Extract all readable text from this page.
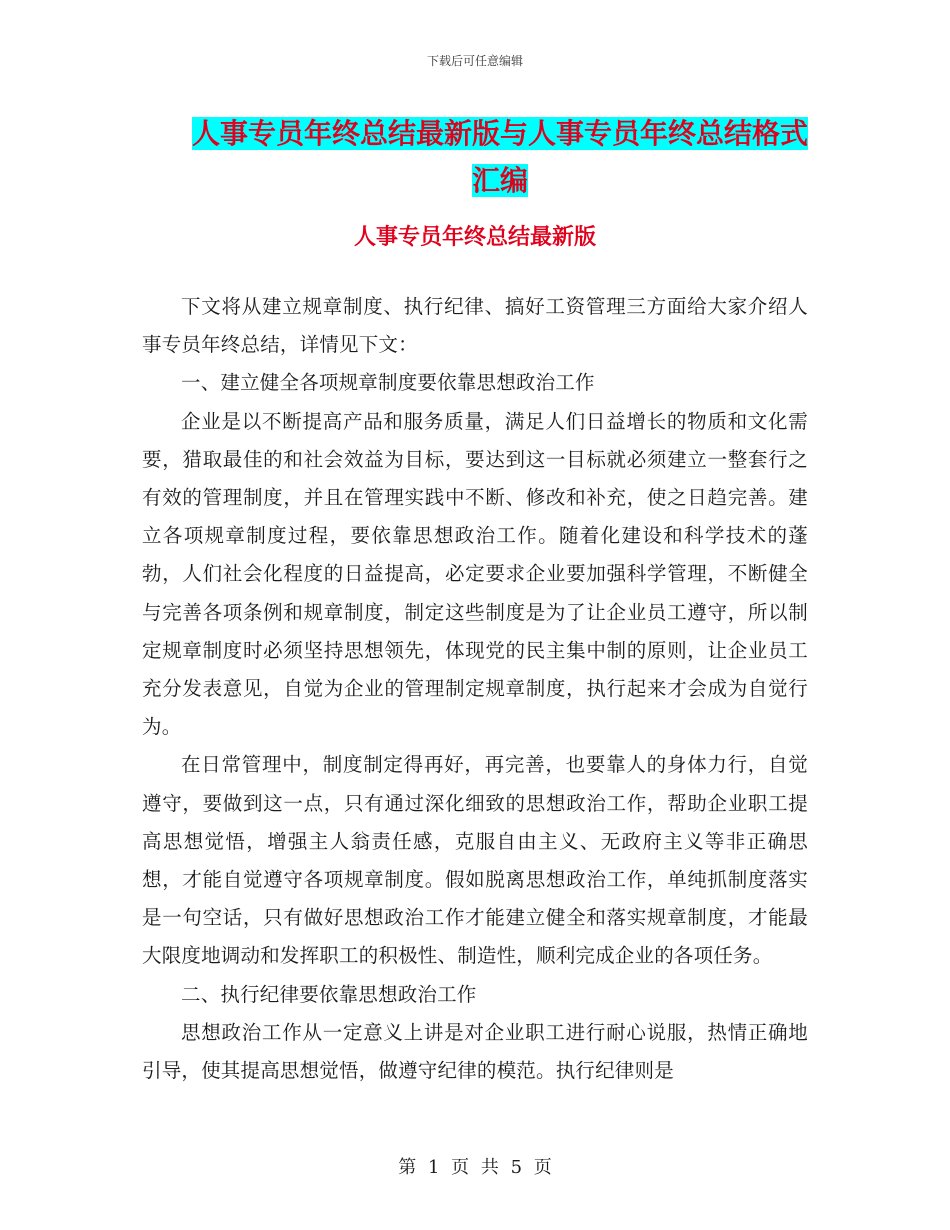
下载后可任意编辑
人事专员年终总结最新版与人事专员年终总结格式汇编
人事专员年终总结最新版

下文将从建立规章制度、执行纪律、搞好工资管理三方面给大家介绍人事专员年终总结，详情见下文：

一、建立健全各项规章制度要依靠思想政治工作

企业是以不断提高产品和服务质量，满足人们日益增长的物质和文化需要，猎取最佳的和社会效益为目标，要达到这一目标就必须建立一整套行之有效的管理制度，并且在管理实践中不断、修改和补充，使之日趋完善。建立各项规章制度过程，要依靠思想政治工作。随着化建设和科学技术的蓬勃，人们社会化程度的日益提高，必定要求企业要加强科学管理，不断健全与完善各项条例和规章制度，制定这些制度是为了让企业员工遵守，所以制定规章制度时必须坚持思想领先，体现党的民主集中制的原则，让企业员工充分发表意见，自觉为企业的管理制定规章制度，执行起来才会成为自觉行为。

在日常管理中，制度制定得再好，再完善，也要靠人的身体力行，自觉遵守，要做到这一点，只有通过深化细致的思想政治工作，帮助企业职工提高思想觉悟，增强主人翁责任感，克服自由主义、无政府主义等非正确思想，才能自觉遵守各项规章制度。假如脱离思想政治工作，单纯抓制度落实是一句空话，只有做好思想政治工作才能建立健全和落实规章制度，才能最大限度地调动和发挥职工的积极性、制造性，顺利完成企业的各项任务。

二、执行纪律要依靠思想政治工作

思想政治工作从一定意义上讲是对企业职工进行耐心说服，热情正确地引导，使其提高思想觉悟，做遵守纪律的模范。执行纪律则是

第 1 页 共 5 页
